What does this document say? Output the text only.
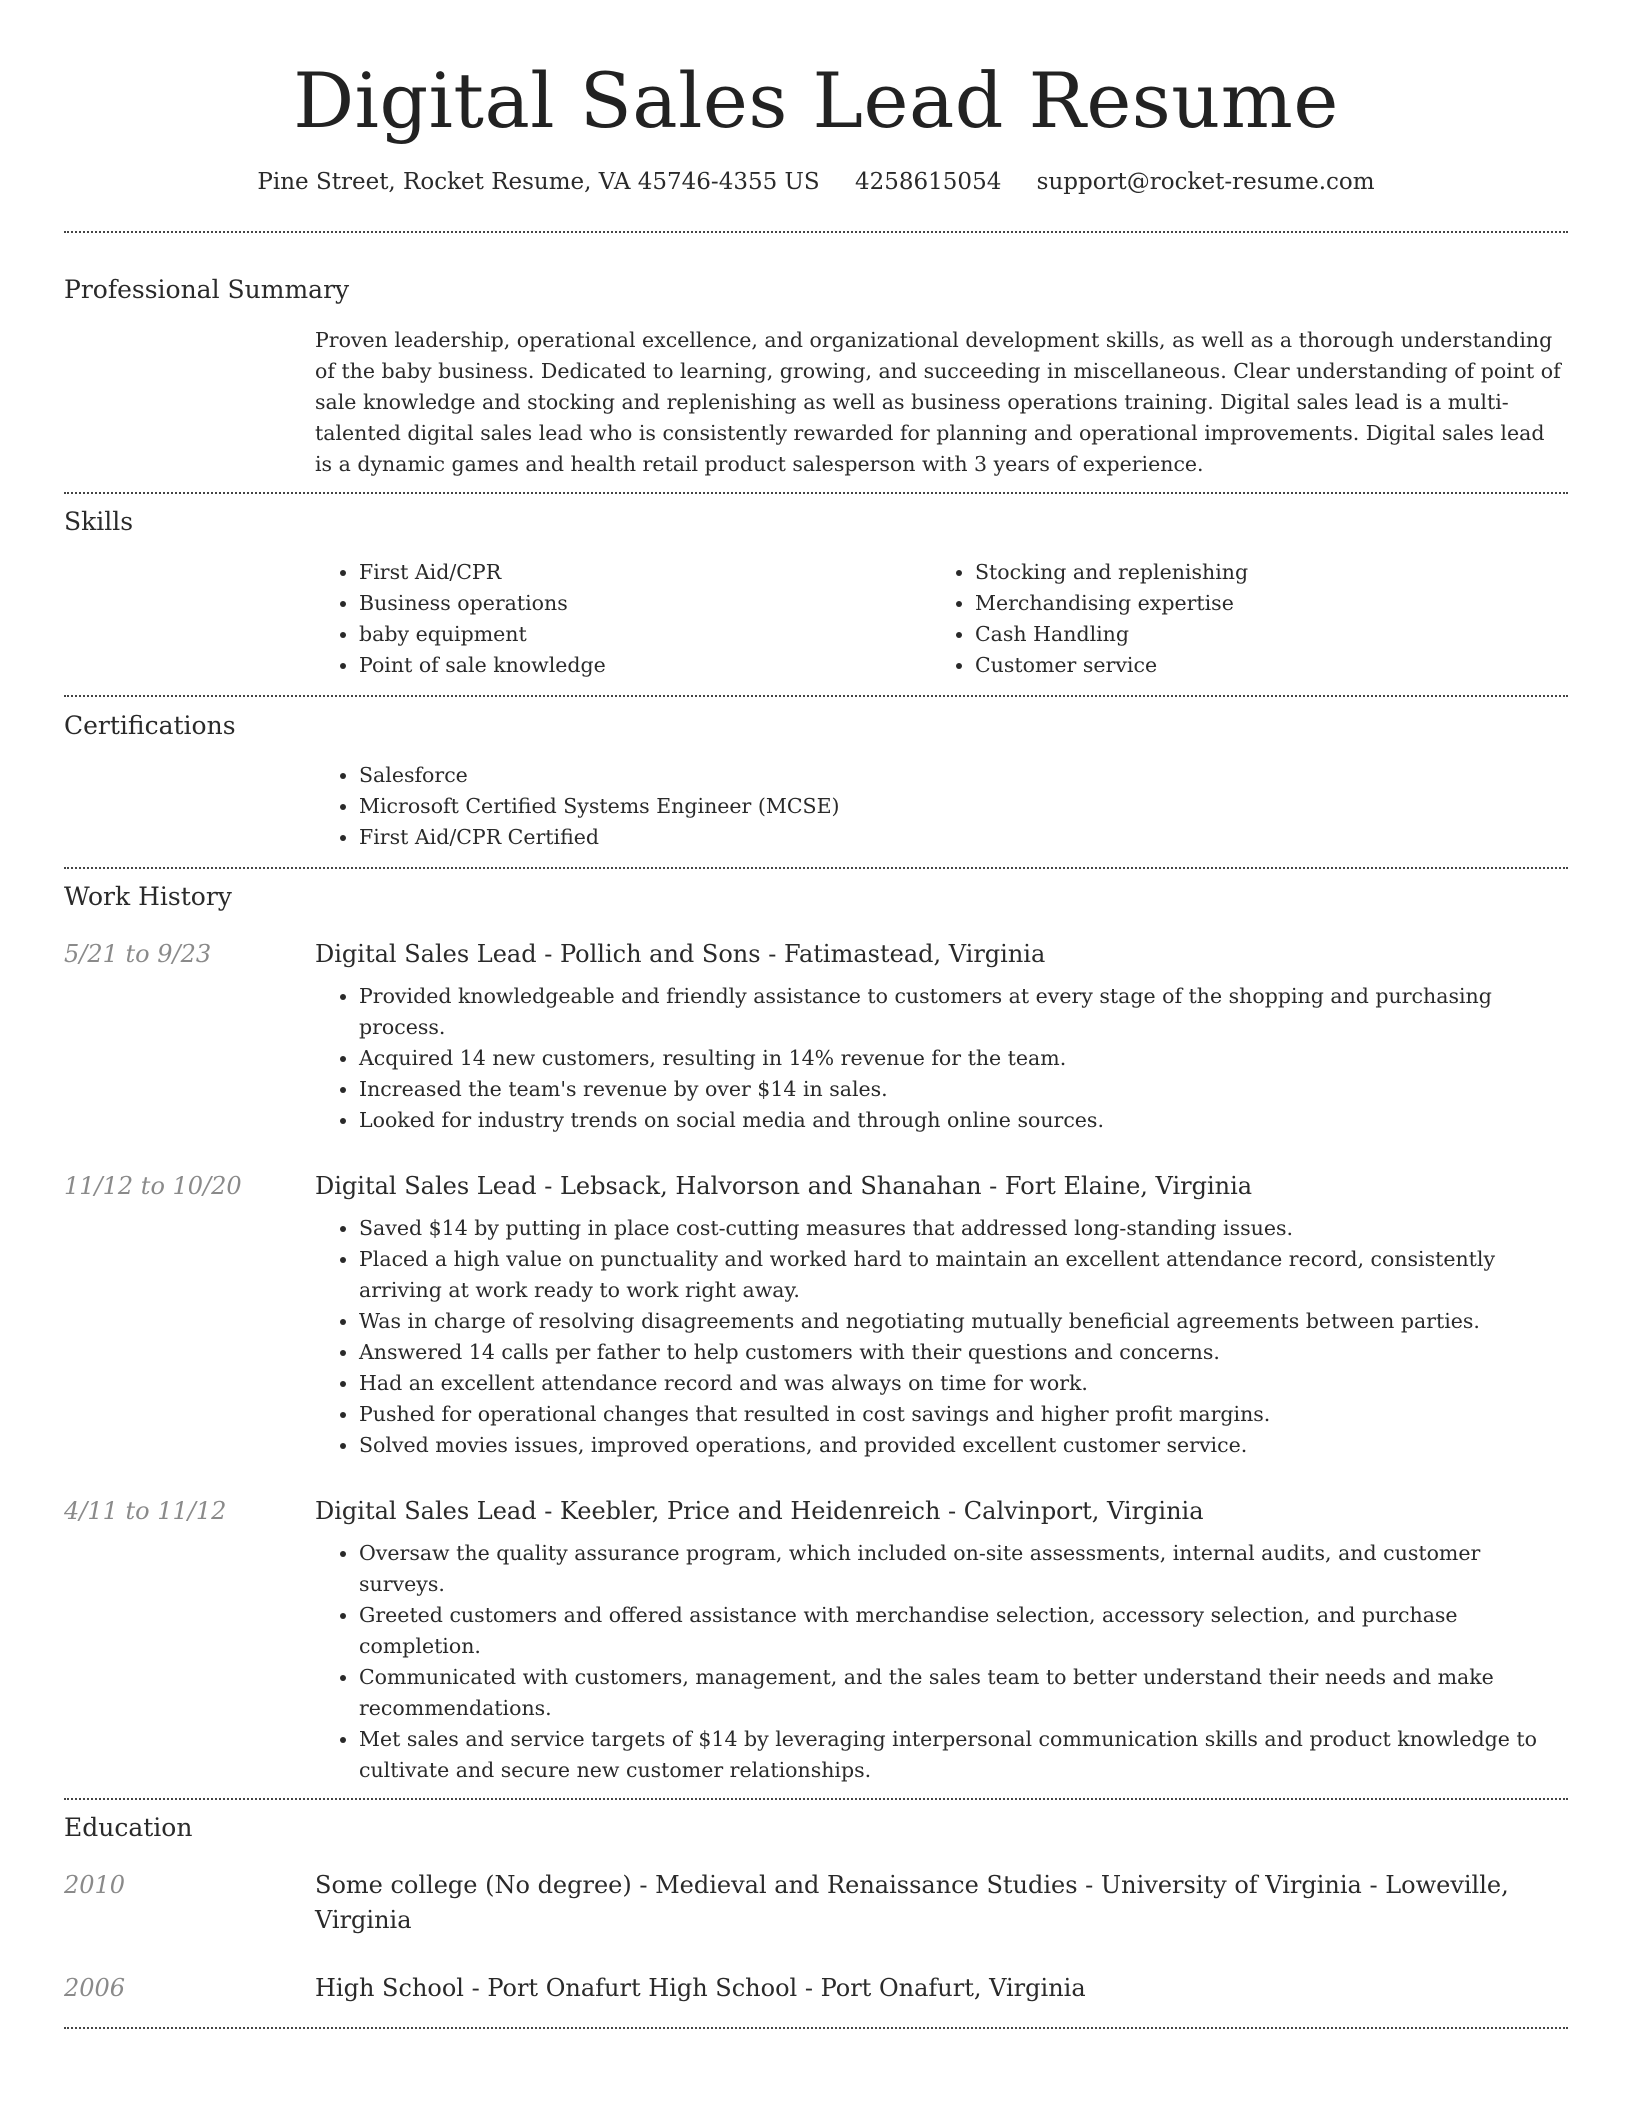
Digital Sales Lead Resume
Pine Street, Rocket Resume, VA 45746-4355 US 4258615054 support@rocket-resume.com
Professional Summary

Proven leadership, operational excellence, and organizational development skills, as well as a thorough understanding of the baby business. Dedicated to learning, growing, and succeeding in miscellaneous. Clear understanding of point of sale knowledge and stocking and replenishing as well as business operations training. Digital sales lead is a multi-talented digital sales lead who is consistently rewarded for planning and operational improvements. Digital sales lead is a dynamic games and health retail product salesperson with 3 years of experience.

Skills
• First Aid/CPR
• Business operations
• baby equipment
• Point of sale knowledge
• Stocking and replenishing
• Merchandising expertise
• Cash Handling
• Customer service
Certifications
• Salesforce
• Microsoft Certified Systems Engineer (MCSE)
• First Aid/CPR Certified
Work History
5/21 to 9/23	Digital Sales Lead - Pollich and Sons - Fatimastead, Virginia
• Provided knowledgeable and friendly assistance to customers at every stage of the shopping and purchasing process.
• Acquired 14 new customers, resulting in 14% revenue for the team.
• Increased the team's revenue by over $14 in sales.
• Looked for industry trends on social media and through online sources.
11/12 to 10/20	Digital Sales Lead - Lebsack, Halvorson and Shanahan - Fort Elaine, Virginia
• Saved $14 by putting in place cost-cutting measures that addressed long-standing issues.
• Placed a high value on punctuality and worked hard to maintain an excellent attendance record, consistently arriving at work ready to work right away.
• Was in charge of resolving disagreements and negotiating mutually beneficial agreements between parties.
• Answered 14 calls per father to help customers with their questions and concerns.
• Had an excellent attendance record and was always on time for work.
• Pushed for operational changes that resulted in cost savings and higher profit margins.
• Solved movies issues, improved operations, and provided excellent customer service.
4/11 to 11/12	Digital Sales Lead - Keebler, Price and Heidenreich - Calvinport, Virginia
• Oversaw the quality assurance program, which included on-site assessments, internal audits, and customer surveys.
• Greeted customers and offered assistance with merchandise selection, accessory selection, and purchase completion.
• Communicated with customers, management, and the sales team to better understand their needs and make recommendations.
• Met sales and service targets of $14 by leveraging interpersonal communication skills and product knowledge to cultivate and secure new customer relationships.
Education
2010	Some college (No degree) - Medieval and Renaissance Studies - University of Virginia - Loweville, Virginia
2006	High School - Port Onafurt High School - Port Onafurt, Virginia
